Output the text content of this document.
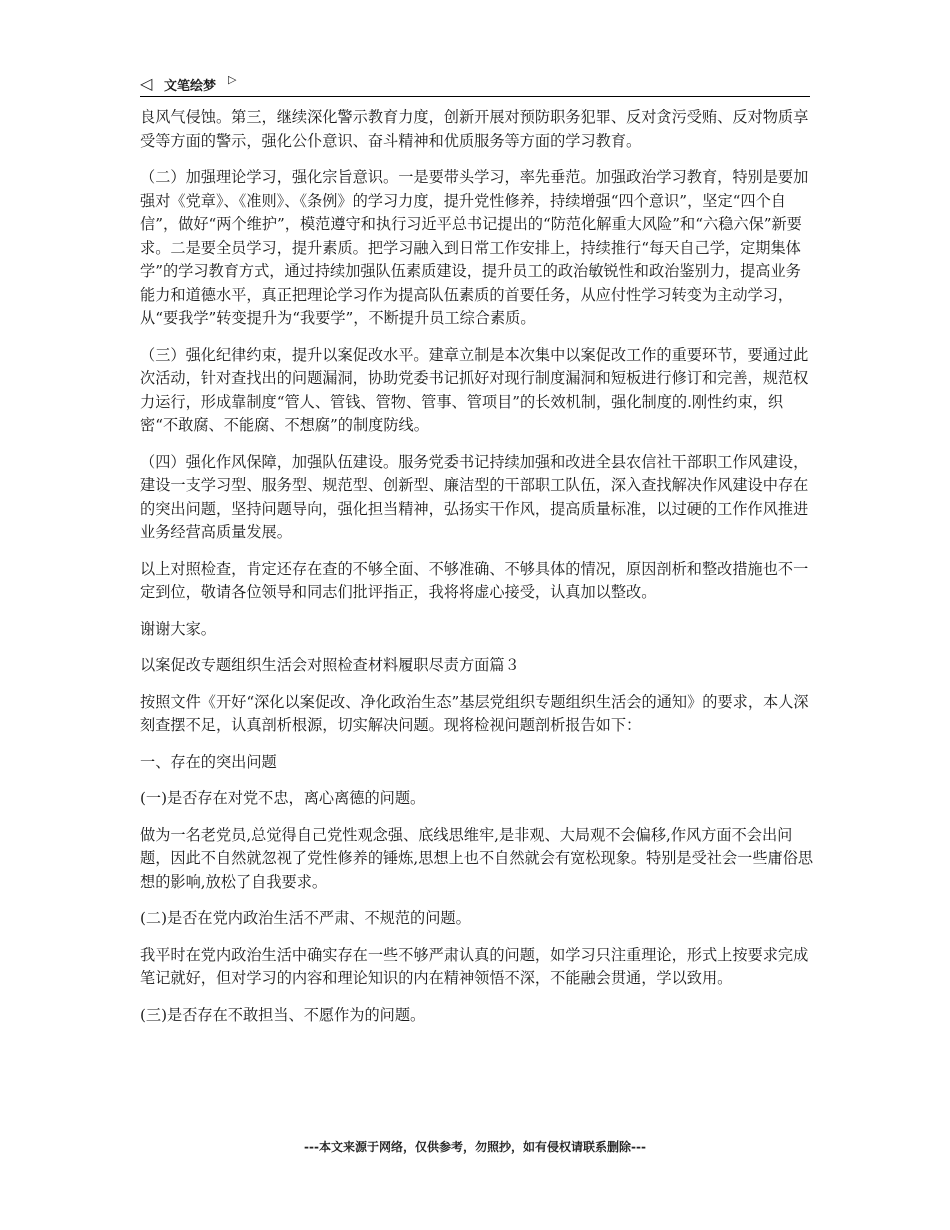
◁ 文笔绘梦 ▷

良风气侵蚀。第三，继续深化警示教育力度，创新开展对预防职务犯罪、反对贪污受贿、反对物质享受等方面的警示，强化公仆意识、奋斗精神和优质服务等方面的学习教育。

（二）加强理论学习，强化宗旨意识。一是要带头学习，率先垂范。加强政治学习教育，特别是要加强对《党章》、《准则》、《条例》的学习力度，提升党性修养，持续增强“四个意识”，坚定“四个自信”，做好“两个维护”，模范遵守和执行习近平总书记提出的“防范化解重大风险”和“六稳六保”新要求。二是要全员学习，提升素质。把学习融入到日常工作安排上，持续推行“每天自己学，定期集体学”的学习教育方式，通过持续加强队伍素质建设，提升员工的政治敏锐性和政治鉴别力，提高业务能力和道德水平，真正把理论学习作为提高队伍素质的首要任务，从应付性学习转变为主动学习，从“要我学”转变提升为“我要学”，不断提升员工综合素质。

（三）强化纪律约束，提升以案促改水平。建章立制是本次集中以案促改工作的重要环节，要通过此次活动，针对查找出的问题漏洞，协助党委书记抓好对现行制度漏洞和短板进行修订和完善，规范权力运行，形成靠制度“管人、管钱、管物、管事、管项目”的长效机制，强化制度的.刚性约束，织密“不敢腐、不能腐、不想腐”的制度防线。

（四）强化作风保障，加强队伍建设。服务党委书记持续加强和改进全县农信社干部职工作风建设，建设一支学习型、服务型、规范型、创新型、廉洁型的干部职工队伍，深入查找解决作风建设中存在的突出问题，坚持问题导向，强化担当精神，弘扬实干作风，提高质量标准，以过硬的工作作风推进业务经营高质量发展。

以上对照检查，肯定还存在查的不够全面、不够准确、不够具体的情况，原因剖析和整改措施也不一定到位，敬请各位领导和同志们批评指正，我将将虚心接受，认真加以整改。

谢谢大家。

以案促改专题组织生活会对照检查材料履职尽责方面篇３

按照文件《开好“深化以案促改、净化政治生态”基层党组织专题组织生活会的通知》的要求，本人深刻查摆不足，认真剖析根源，切实解决问题。现将检视问题剖析报告如下：

一、存在的突出问题

(一)是否存在对党不忠，离心离德的问题。

做为一名老党员,总觉得自己党性观念强、底线思维牢,是非观、大局观不会偏移,作风方面不会出问题，因此不自然就忽视了党性修养的锤炼,思想上也不自然就会有宽松现象。特别是受社会一些庸俗思想的影响,放松了自我要求。

(二)是否在党内政治生活不严肃、不规范的问题。

我平时在党内政治生活中确实存在一些不够严肃认真的问题，如学习只注重理论，形式上按要求完成笔记就好，但对学习的内容和理论知识的内在精神领悟不深，不能融会贯通，学以致用。

(三)是否存在不敢担当、不愿作为的问题。

---本文来源于网络，仅供参考，勿照抄，如有侵权请联系删除---
